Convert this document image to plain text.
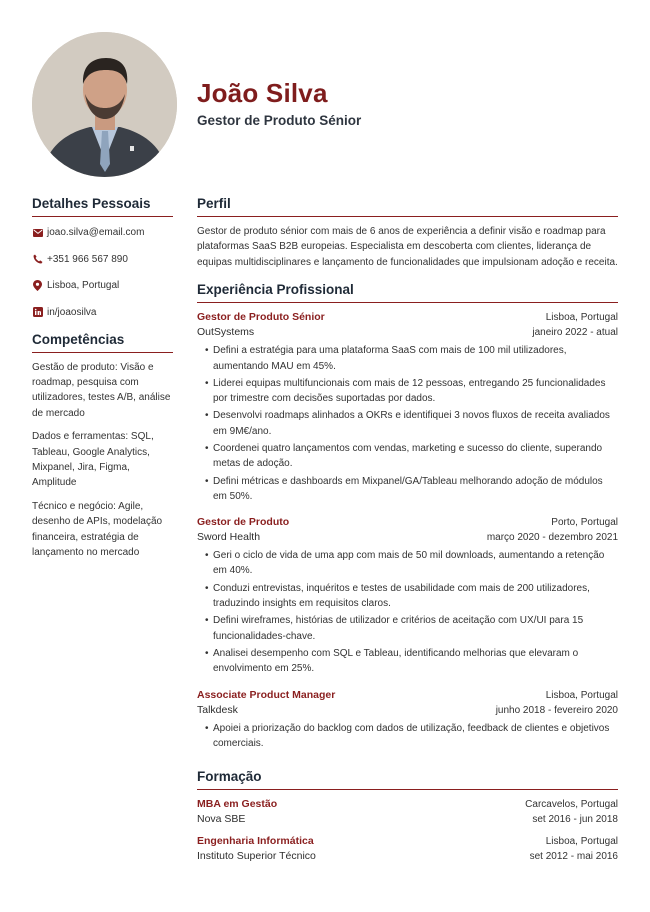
João Silva
Gestor de Produto Sénior
Detalhes Pessoais
joao.silva@email.com
+351 966 567 890
Lisboa, Portugal
in/joaosilva
Competências
Gestão de produto: Visão e roadmap, pesquisa com utilizadores, testes A/B, análise de mercado
Dados e ferramentas: SQL, Tableau, Google Analytics, Mixpanel, Jira, Figma, Amplitude
Técnico e negócio: Agile, desenho de APIs, modelação financeira, estratégia de lançamento no mercado
Perfil
Gestor de produto sénior com mais de 6 anos de experiência a definir visão e roadmap para plataformas SaaS B2B europeias. Especialista em descoberta com clientes, liderança de equipas multidisciplinares e lançamento de funcionalidades que impulsionam adoção e receita.
Experiência Profissional
Gestor de Produto Sénior	Lisboa, Portugal
OutSystems	janeiro 2022 - atual
• Defini a estratégia para uma plataforma SaaS com mais de 100 mil utilizadores, aumentando MAU em 45%.
• Liderei equipas multifuncionais com mais de 12 pessoas, entregando 25 funcionalidades por trimestre com decisões suportadas por dados.
• Desenvolvi roadmaps alinhados a OKRs e identifiquei 3 novos fluxos de receita avaliados em 9M€/ano.
• Coordenei quatro lançamentos com vendas, marketing e sucesso do cliente, superando metas de adoção.
• Defini métricas e dashboards em Mixpanel/GA/Tableau melhorando adoção de módulos em 50%.
Gestor de Produto	Porto, Portugal
Sword Health	março 2020 - dezembro 2021
• Geri o ciclo de vida de uma app com mais de 50 mil downloads, aumentando a retenção em 40%.
• Conduzi entrevistas, inquéritos e testes de usabilidade com mais de 200 utilizadores, traduzindo insights em requisitos claros.
• Defini wireframes, histórias de utilizador e critérios de aceitação com UX/UI para 15 funcionalidades-chave.
• Analisei desempenho com SQL e Tableau, identificando melhorias que elevaram o envolvimento em 25%.
Associate Product Manager	Lisboa, Portugal
Talkdesk	junho 2018 - fevereiro 2020
• Apoiei a priorização do backlog com dados de utilização, feedback de clientes e objetivos comerciais.
Formação
MBA em Gestão	Carcavelos, Portugal
Nova SBE	set 2016 - jun 2018
Engenharia Informática	Lisboa, Portugal
Instituto Superior Técnico	set 2012 - mai 2016
